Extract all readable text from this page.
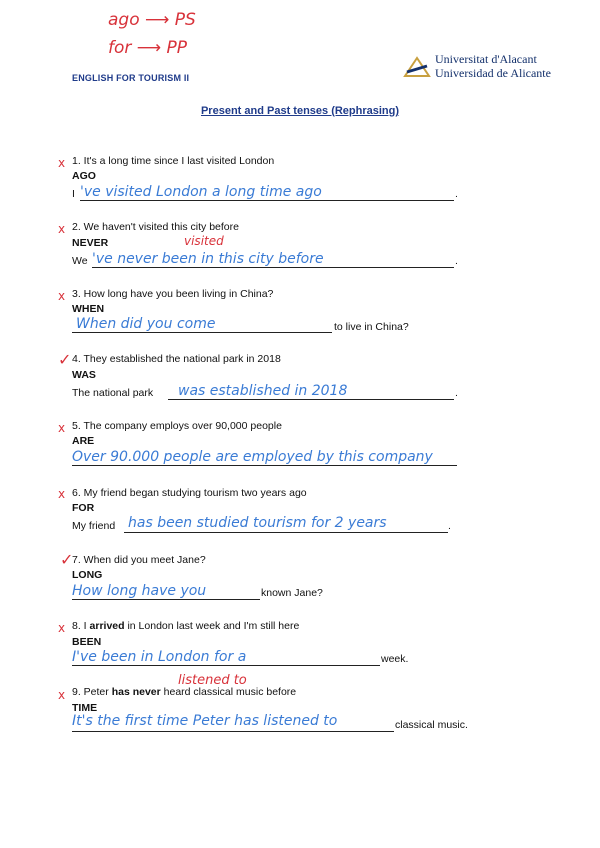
ago ⟶ PS
for ⟶ PP
ENGLISH FOR TOURISM II
Universitat d'Alacant
Universidad de Alicante
Present and Past tenses (Rephrasing)
x 1. It's a long time since I last visited London
AGO
I 've visited London a long time ago	.
x 2. We haven't visited this city before
NEVER	visited
We 've never been in this city before	.
x 3. How long have you been living in China?
WHEN
When did you come	to live in China?
✓ 4. They established the national park in 2018
WAS
The national park was established in 2018	.
x 5. The company employs over 90,000 people
ARE
Over 90.000 people are employed by this company
x 6. My friend began studying tourism two years ago
FOR
My friend has been studied tourism for 2 years	.
✓
7. When did you meet Jane?
LONG
How long have you	known Jane?
x 8. I arrived in London last week and I'm still here
BEEN
I've been in London for a	week.
x
listened to
9. Peter has never heard classical music before
TIME
It's the first time Peter has listened to	classical music.
